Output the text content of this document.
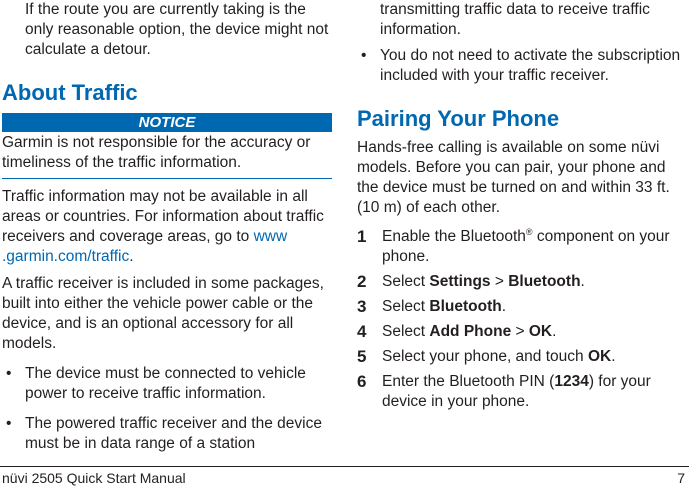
If the route you are currently taking is the only reasonable option, the device might not calculate a detour.
About Traffic
NOTICE

Garmin is not responsible for the accuracy or timeliness of the traffic information.

Traffic information may not be available in all areas or countries. For information about traffic receivers and coverage areas, go to www .garmin.com/traffic.

A traffic receiver is included in some packages, built into either the vehicle power cable or the device, and is an optional accessory for all models.

• The device must be connected to vehicle power to receive traffic information.
• The powered traffic receiver and the device must be in data range of a station
transmitting traffic data to receive traffic information.
• You do not need to activate the subscription included with your traffic receiver.
Pairing Your Phone

Hands-free calling is available on some nüvi models. Before you can pair, your phone and the device must be turned on and within 33 ft. (10 m) of each other.

1 Enable the Bluetooth® component on your phone.
2 Select Settings > Bluetooth.
3 Select Bluetooth.
4 Select Add Phone > OK.
5 Select your phone, and touch OK.
6 Enter the Bluetooth PIN (1234) for your device in your phone.
nüvi 2505 Quick Start Manual	7
